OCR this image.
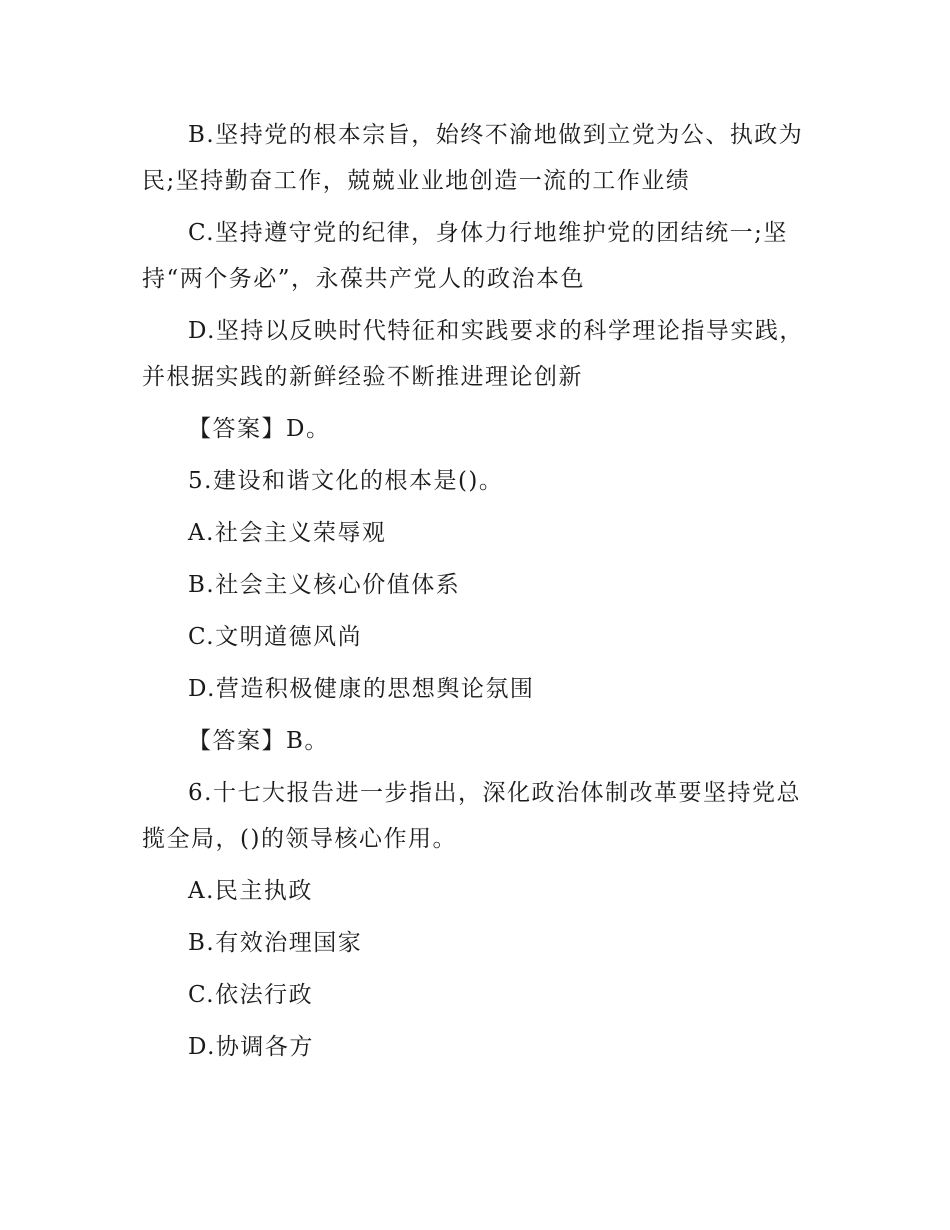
B.坚持党的根本宗旨，始终不渝地做到立党为公、执政为民;坚持勤奋工作，兢兢业业地创造一流的工作业绩

C.坚持遵守党的纪律，身体力行地维护党的团结统一;坚持“两个务必”，永葆共产党人的政治本色

D.坚持以反映时代特征和实践要求的科学理论指导实践，并根据实践的新鲜经验不断推进理论创新

【答案】D。

5.建设和谐文化的根本是()。

A.社会主义荣辱观

B.社会主义核心价值体系

C.文明道德风尚

D.营造积极健康的思想舆论氛围

【答案】B。

6.十七大报告进一步指出，深化政治体制改革要坚持党总揽全局，()的领导核心作用。

A.民主执政

B.有效治理国家

C.依法行政

D.协调各方
